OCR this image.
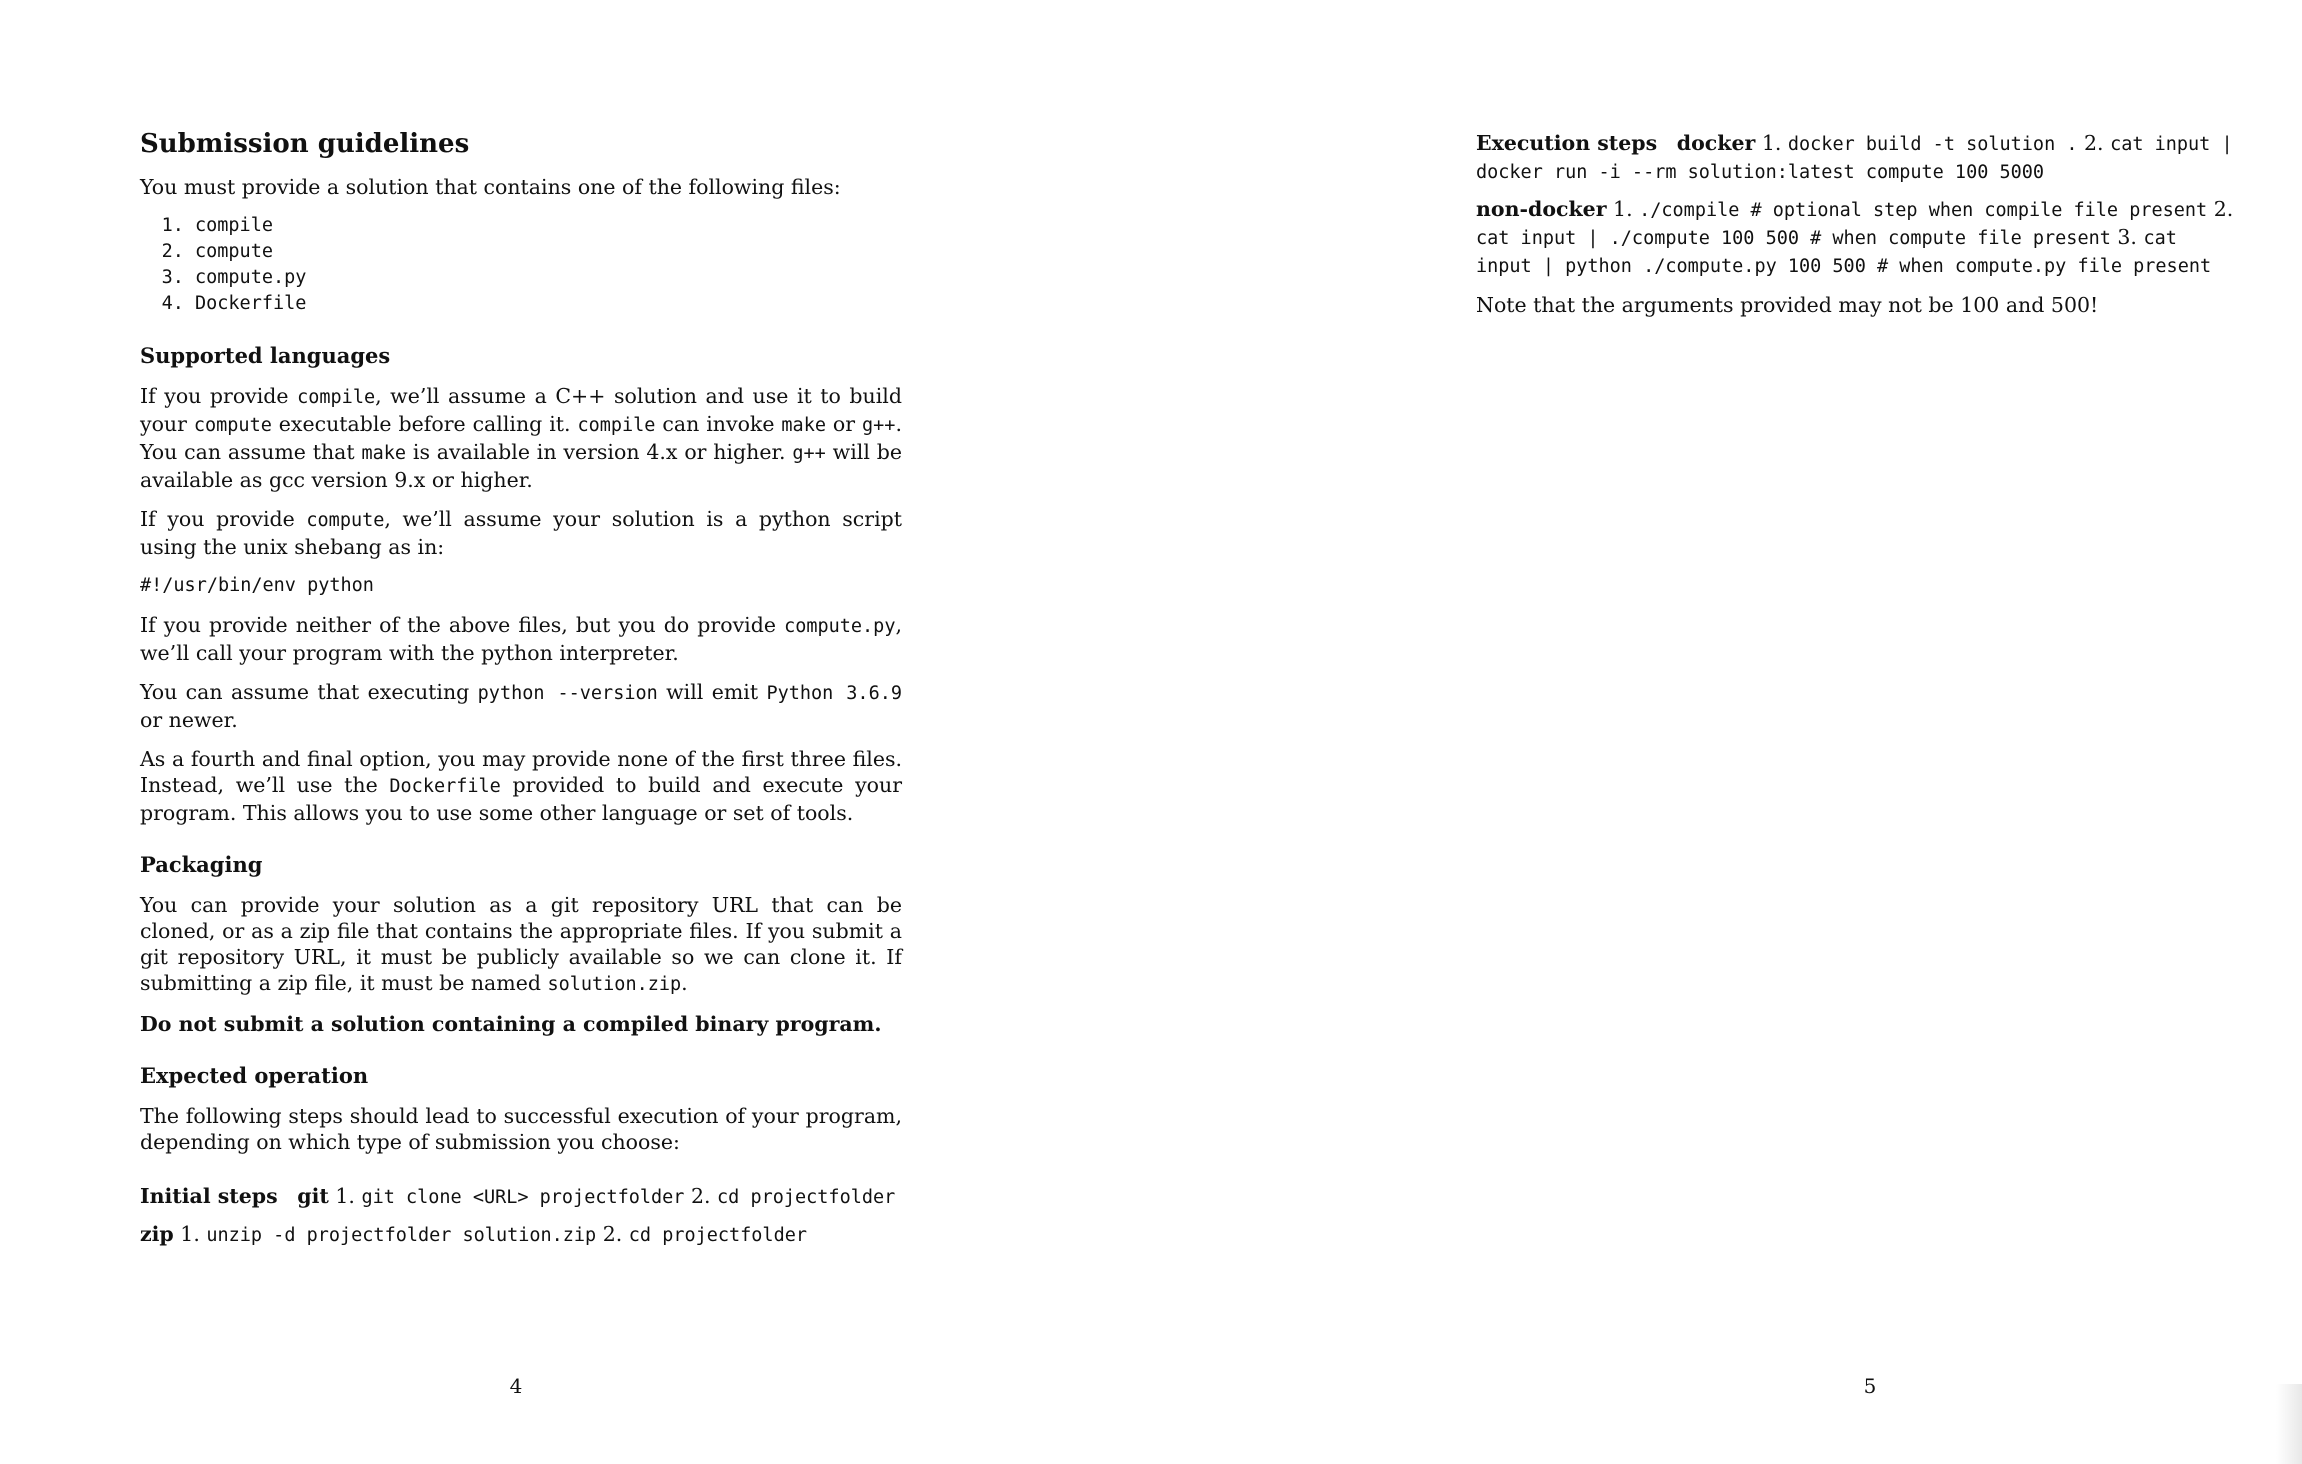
Submission guidelines

You must provide a solution that contains one of the following files:

1. compile
2. compute
3. compute.py
4. Dockerfile
Supported languages

If you provide compile, we’ll assume a C++ solution and use it to build your compute executable before calling it. compile can invoke make or g++. You can assume that make is available in version 4.x or higher. g++ will be available as gcc version 9.x or higher.

If you provide compute, we’ll assume your solution is a python script using the unix shebang as in:

#!/usr/bin/env python

If you provide neither of the above files, but you do provide compute.py, we’ll call your program with the python interpreter.

You can assume that executing python --version will emit Python 3.6.9 or newer.

As a fourth and final option, you may provide none of the first three files. Instead, we’ll use the Dockerfile provided to build and execute your program. This allows you to use some other language or set of tools.

Packaging

You can provide your solution as a git repository URL that can be cloned, or as a zip file that contains the appropriate files. If you submit a git repository URL, it must be publicly available so we can clone it. If submitting a zip file, it must be named solution.zip.

Do not submit a solution containing a compiled binary program.

Expected operation

The following steps should lead to successful execution of your program, depending on which type of submission you choose:

Initial steps git 1. git clone <URL> projectfolder 2. cd projectfolder
zip 1. unzip -d projectfolder solution.zip 2. cd projectfolder
4
Execution steps docker 1. docker build -t solution . 2. cat input | docker run -i --rm solution:latest compute 100 5000
non-docker 1. ./compile # optional step when compile file present 2. cat input | ./compute 100 500 # when compute file present 3. cat input | python ./compute.py 100 500 # when compute.py file present

Note that the arguments provided may not be 100 and 500!

5
